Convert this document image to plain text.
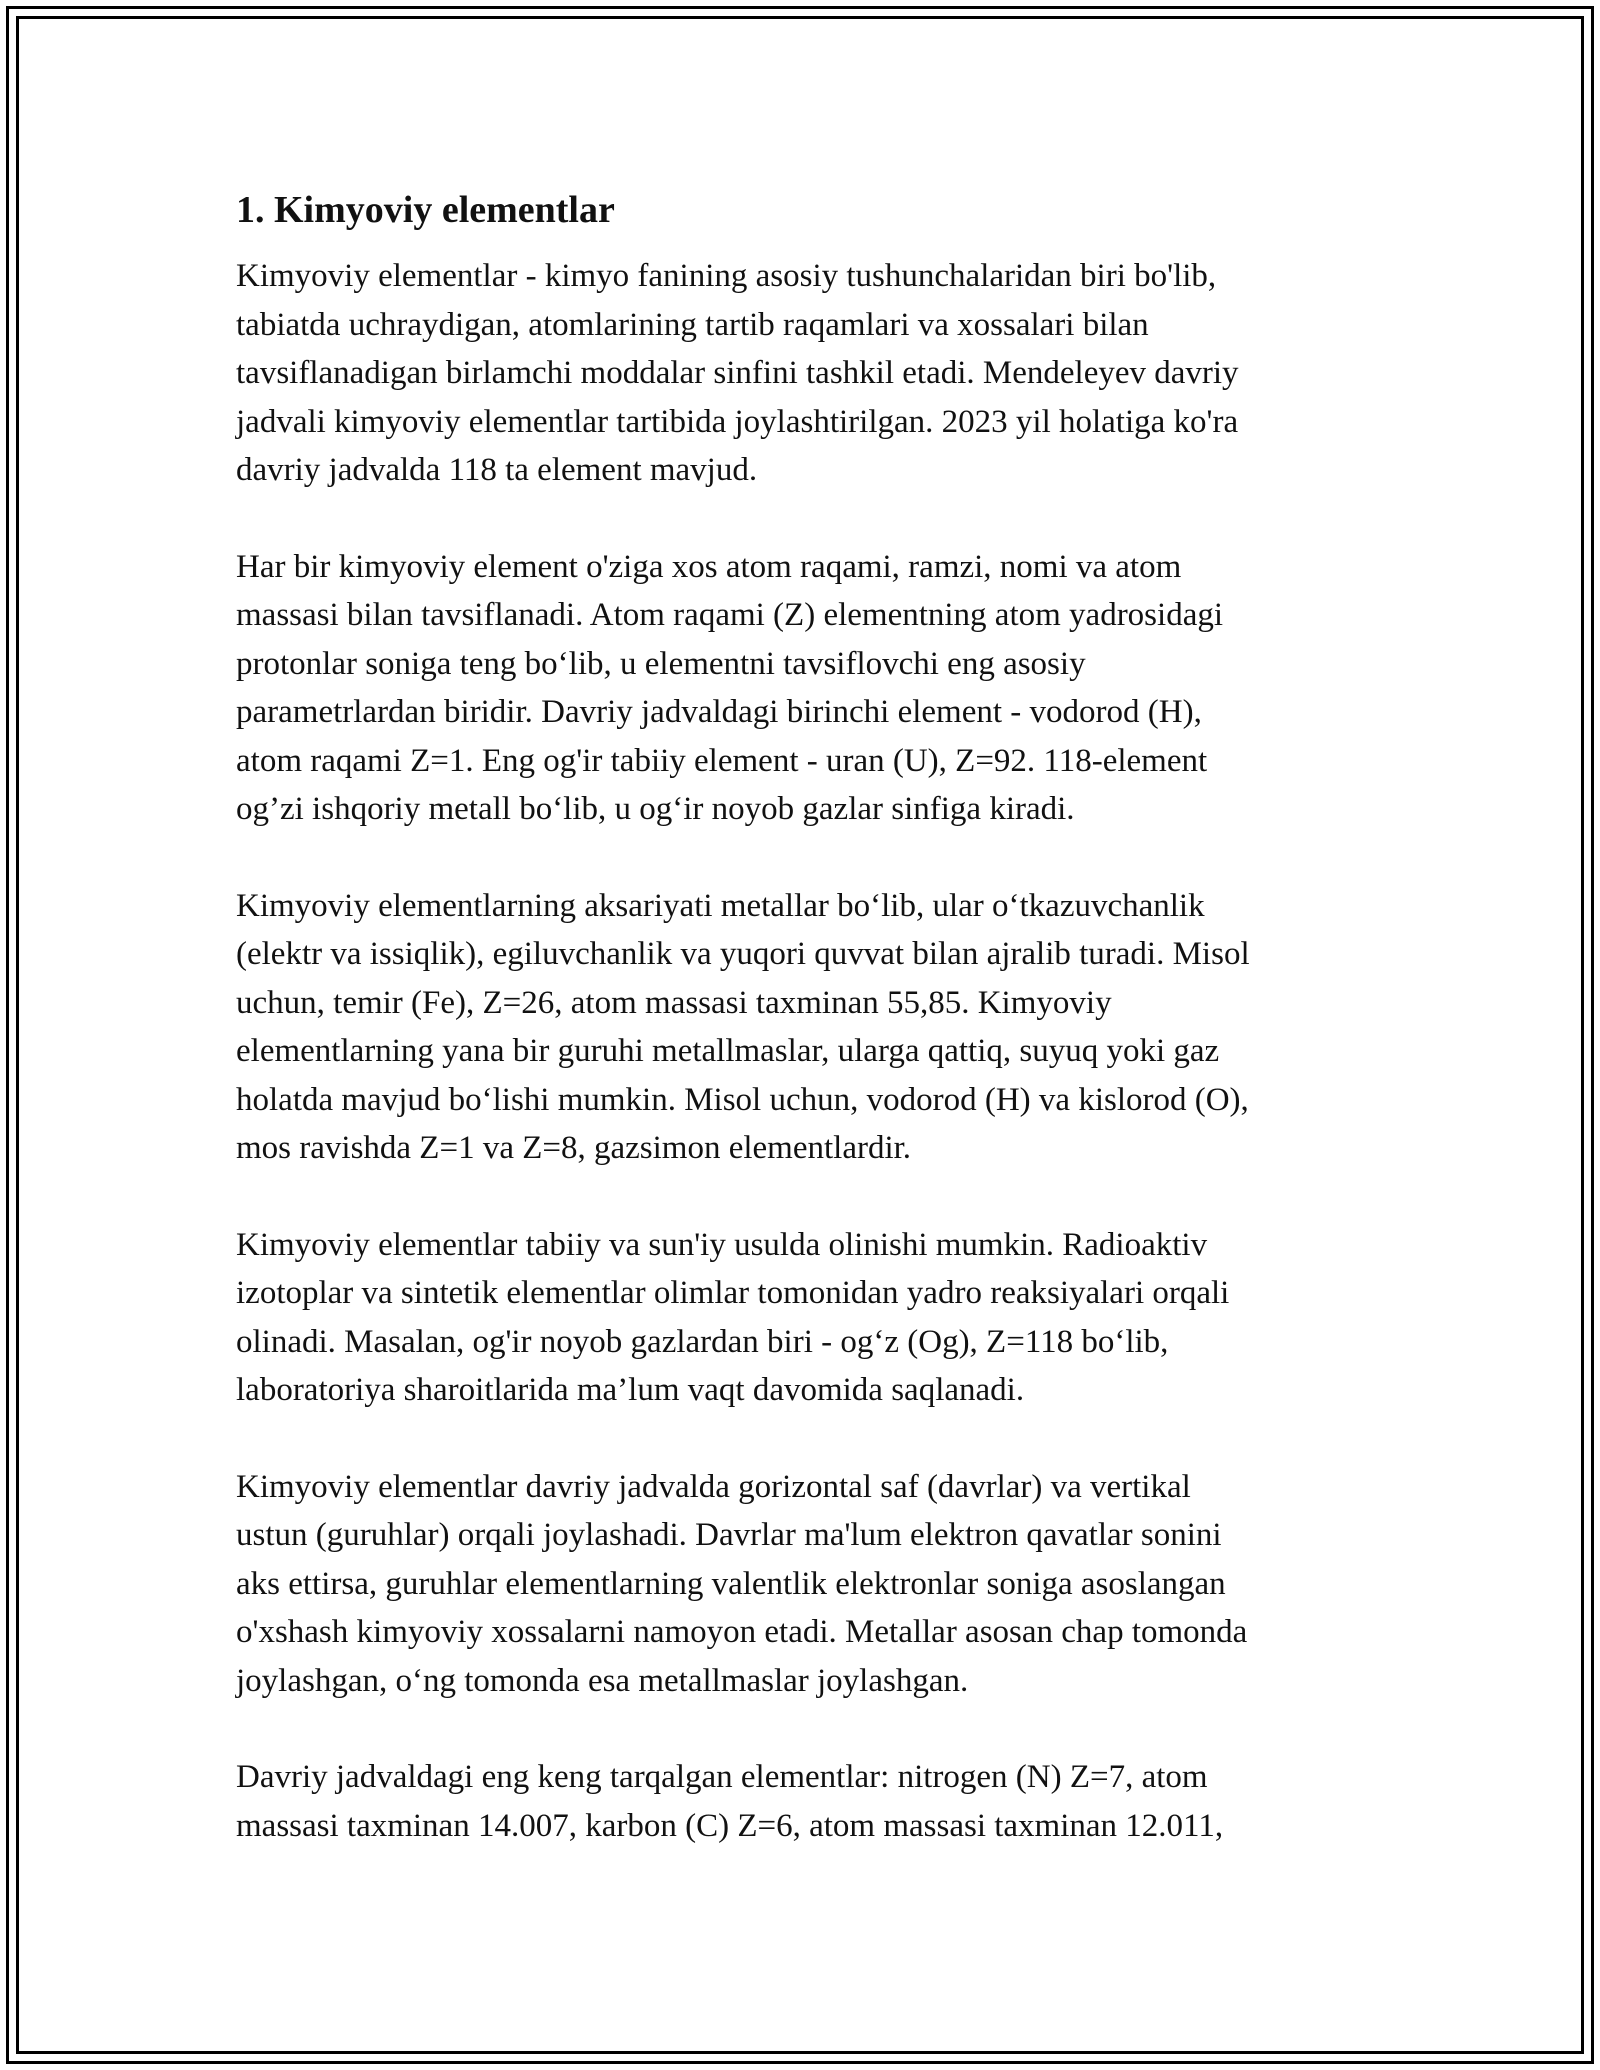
1. Kimyoviy elementlar
Kimyoviy elementlar - kimyo fanining asosiy tushunchalaridan biri bo'lib,
tabiatda uchraydigan, atomlarining tartib raqamlari va xossalari bilan
tavsiflanadigan birlamchi moddalar sinfini tashkil etadi. Mendeleyev davriy
jadvali kimyoviy elementlar tartibida joylashtirilgan. 2023 yil holatiga ko'ra
davriy jadvalda 118 ta element mavjud.
Har bir kimyoviy element o'ziga xos atom raqami, ramzi, nomi va atom
massasi bilan tavsiflanadi. Atom raqami (Z) elementning atom yadrosidagi
protonlar soniga teng bo‘lib, u elementni tavsiflovchi eng asosiy
parametrlardan biridir. Davriy jadvaldagi birinchi element - vodorod (H),
atom raqami Z=1. Eng og'ir tabiiy element - uran (U), Z=92. 118-element
og’zi ishqoriy metall bo‘lib, u og‘ir noyob gazlar sinfiga kiradi.
Kimyoviy elementlarning aksariyati metallar bo‘lib, ular o‘tkazuvchanlik
(elektr va issiqlik), egiluvchanlik va yuqori quvvat bilan ajralib turadi. Misol
uchun, temir (Fe), Z=26, atom massasi taxminan 55,85. Kimyoviy
elementlarning yana bir guruhi metallmaslar, ularga qattiq, suyuq yoki gaz
holatda mavjud bo‘lishi mumkin. Misol uchun, vodorod (H) va kislorod (O),
mos ravishda Z=1 va Z=8, gazsimon elementlardir.
Kimyoviy elementlar tabiiy va sun'iy usulda olinishi mumkin. Radioaktiv
izotoplar va sintetik elementlar olimlar tomonidan yadro reaksiyalari orqali
olinadi. Masalan, og'ir noyob gazlardan biri - og‘z (Og), Z=118 bo‘lib,
laboratoriya sharoitlarida ma’lum vaqt davomida saqlanadi.
Kimyoviy elementlar davriy jadvalda gorizontal saf (davrlar) va vertikal
ustun (guruhlar) orqali joylashadi. Davrlar ma'lum elektron qavatlar sonini
aks ettirsa, guruhlar elementlarning valentlik elektronlar soniga asoslangan
o'xshash kimyoviy xossalarni namoyon etadi. Metallar asosan chap tomonda
joylashgan, o‘ng tomonda esa metallmaslar joylashgan.
Davriy jadvaldagi eng keng tarqalgan elementlar: nitrogen (N) Z=7, atom
massasi taxminan 14.007, karbon (C) Z=6, atom massasi taxminan 12.011,
